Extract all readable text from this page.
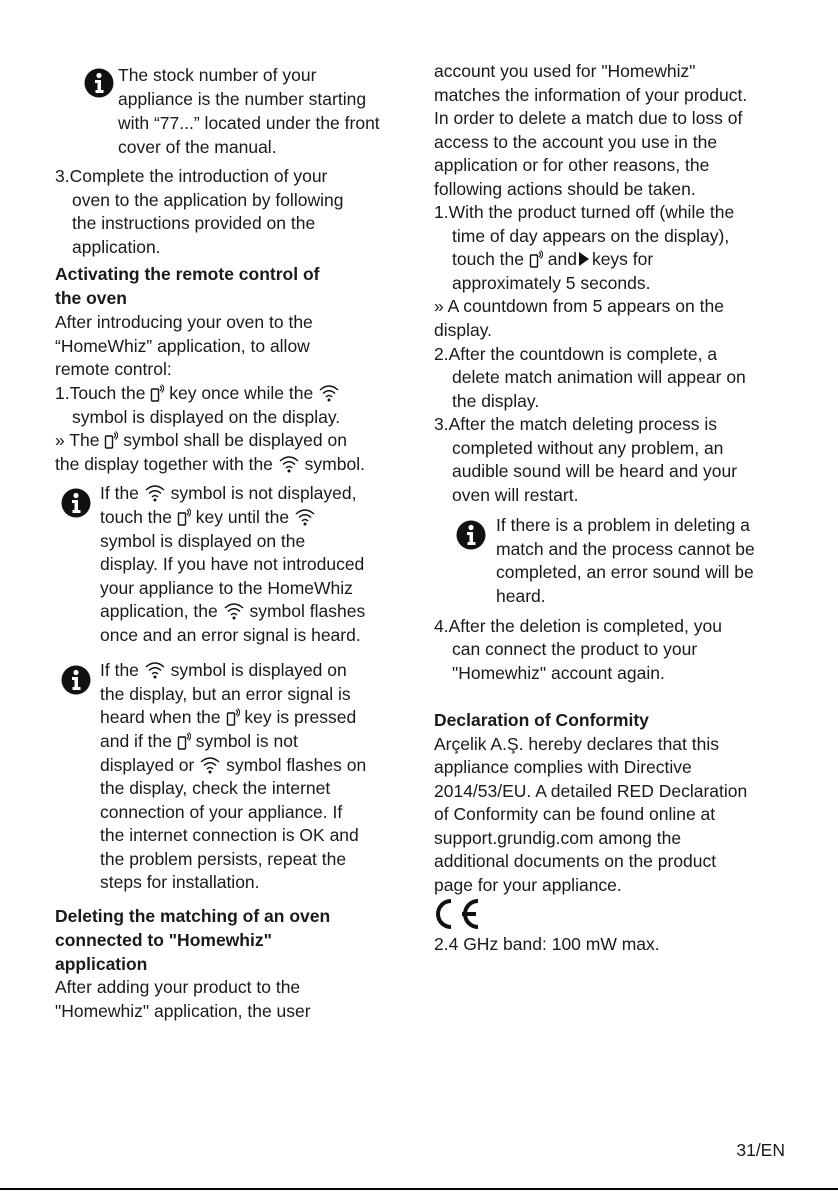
The stock number of your

appliance is the number starting

with “77...” located under the front

cover of the manual.

3.Complete the introduction of your

oven to the application by following

the instructions provided on the

application.

Activating the remote control of
the oven

After introducing your oven to the

“HomeWhiz” application, to allow

remote control:

1.Touch the key once while the

symbol is displayed on the display.

» The symbol shall be displayed on

the display together with the symbol.

If the symbol is not displayed,

touch the key until the

symbol is displayed on the

display. If you have not introduced

your appliance to the HomeWhiz

application, the symbol flashes

once and an error signal is heard.

If the symbol is displayed on

the display, but an error signal is

heard when the key is pressed

and if the symbol is not

displayed or symbol flashes on

the display, check the internet

connection of your appliance. If

the internet connection is OK and

the problem persists, repeat the

steps for installation.

Deleting the matching of an oven
connected to "Homewhiz"
application

After adding your product to the

"Homewhiz" application, the user

account you used for "Homewhiz"

matches the information of your product.

In order to delete a match due to loss of

access to the account you use in the

application or for other reasons, the

following actions should be taken.

1.With the product turned off (while the

time of day appears on the display),

touch the and keys for

approximately 5 seconds.

» A countdown from 5 appears on the

display.

2.After the countdown is complete, a

delete match animation will appear on

the display.

3.After the match deleting process is

completed without any problem, an

audible sound will be heard and your

oven will restart.

If there is a problem in deleting a

match and the process cannot be

completed, an error sound will be

heard.

4.After the deletion is completed, you

can connect the product to your

"Homewhiz" account again.

Declaration of Conformity

Arçelik A.Ş. hereby declares that this

appliance complies with Directive

2014/53/EU. A detailed RED Declaration

of Conformity can be found online at

support.grundig.com among the

additional documents on the product

page for your appliance.

2.4 GHz band: 100 mW max.

31/EN
